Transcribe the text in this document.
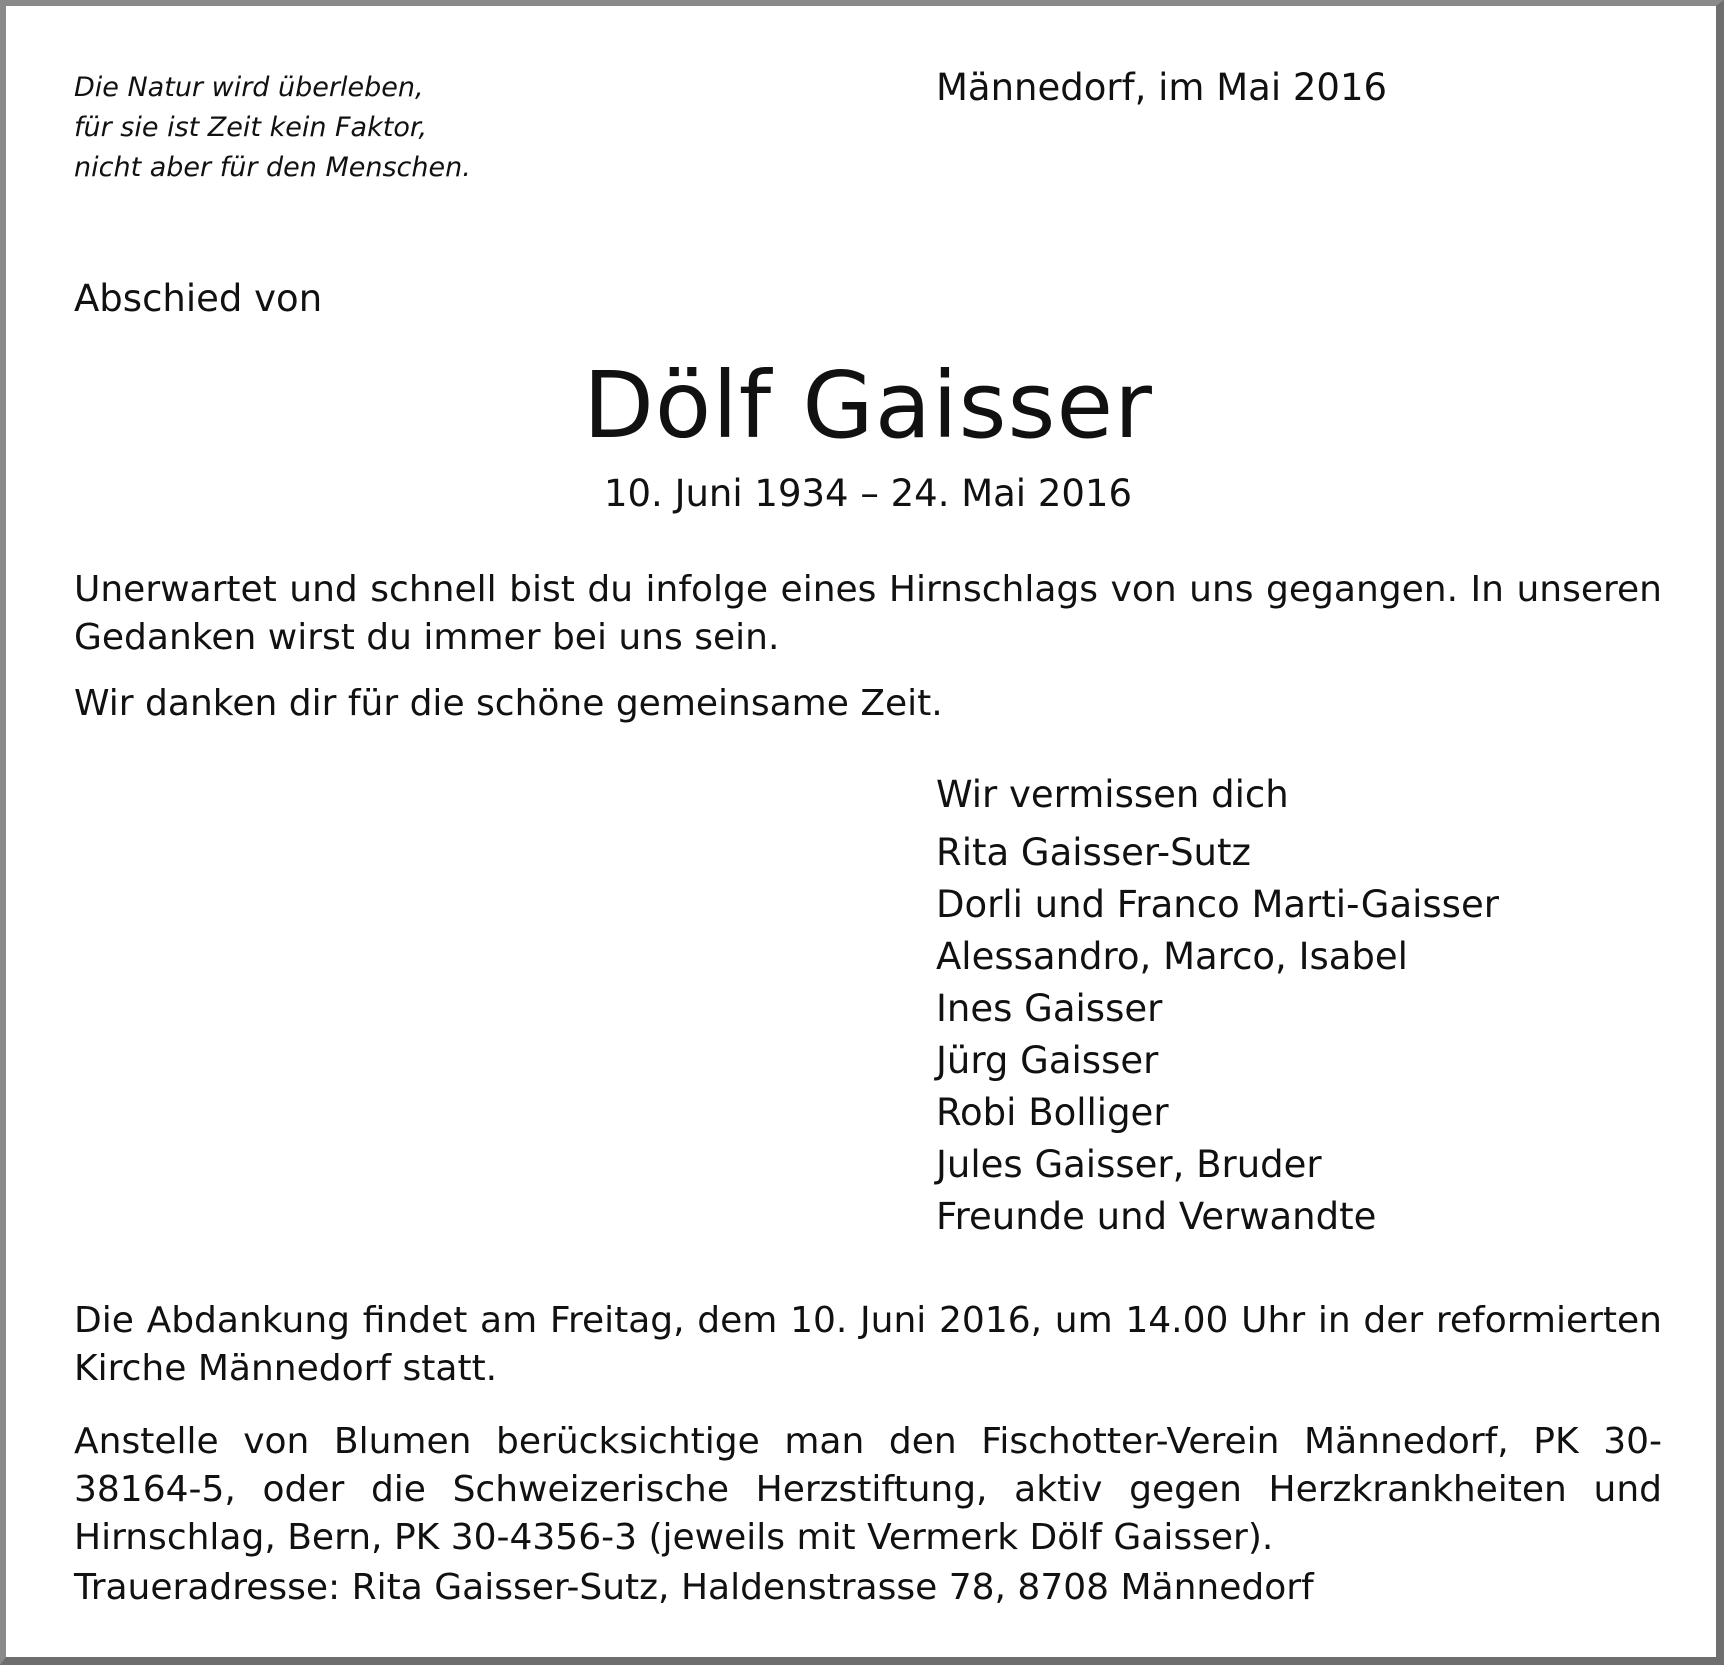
Die Natur wird überleben,
für sie ist Zeit kein Faktor,
nicht aber für den Menschen.
Männedorf, im Mai 2016
Abschied von
Dölf Gaisser
10. Juni 1934 – 24. Mai 2016
Unerwartet und schnell bist du infolge eines Hirnschlags von uns gegangen. In unseren Gedanken wirst du immer bei uns sein.
Wir danken dir für die schöne gemeinsame Zeit.
Wir vermissen dich
Rita Gaisser-Sutz
Dorli und Franco Marti-Gaisser
Alessandro, Marco, Isabel
Ines Gaisser
Jürg Gaisser
Robi Bolliger
Jules Gaisser, Bruder
Freunde und Verwandte
Die Abdankung findet am Freitag, dem 10. Juni 2016, um 14.00 Uhr in der reformierten Kirche Männedorf statt.
Anstelle von Blumen berücksichtige man den Fischotter-Verein Männedorf, PK 30-38164-5, oder die Schweizerische Herzstiftung, aktiv gegen Herzkrankheiten und Hirnschlag, Bern, PK 30-4356-3 (jeweils mit Vermerk Dölf Gaisser).
Traueradresse: Rita Gaisser-Sutz, Haldenstrasse 78, 8708 Männedorf
